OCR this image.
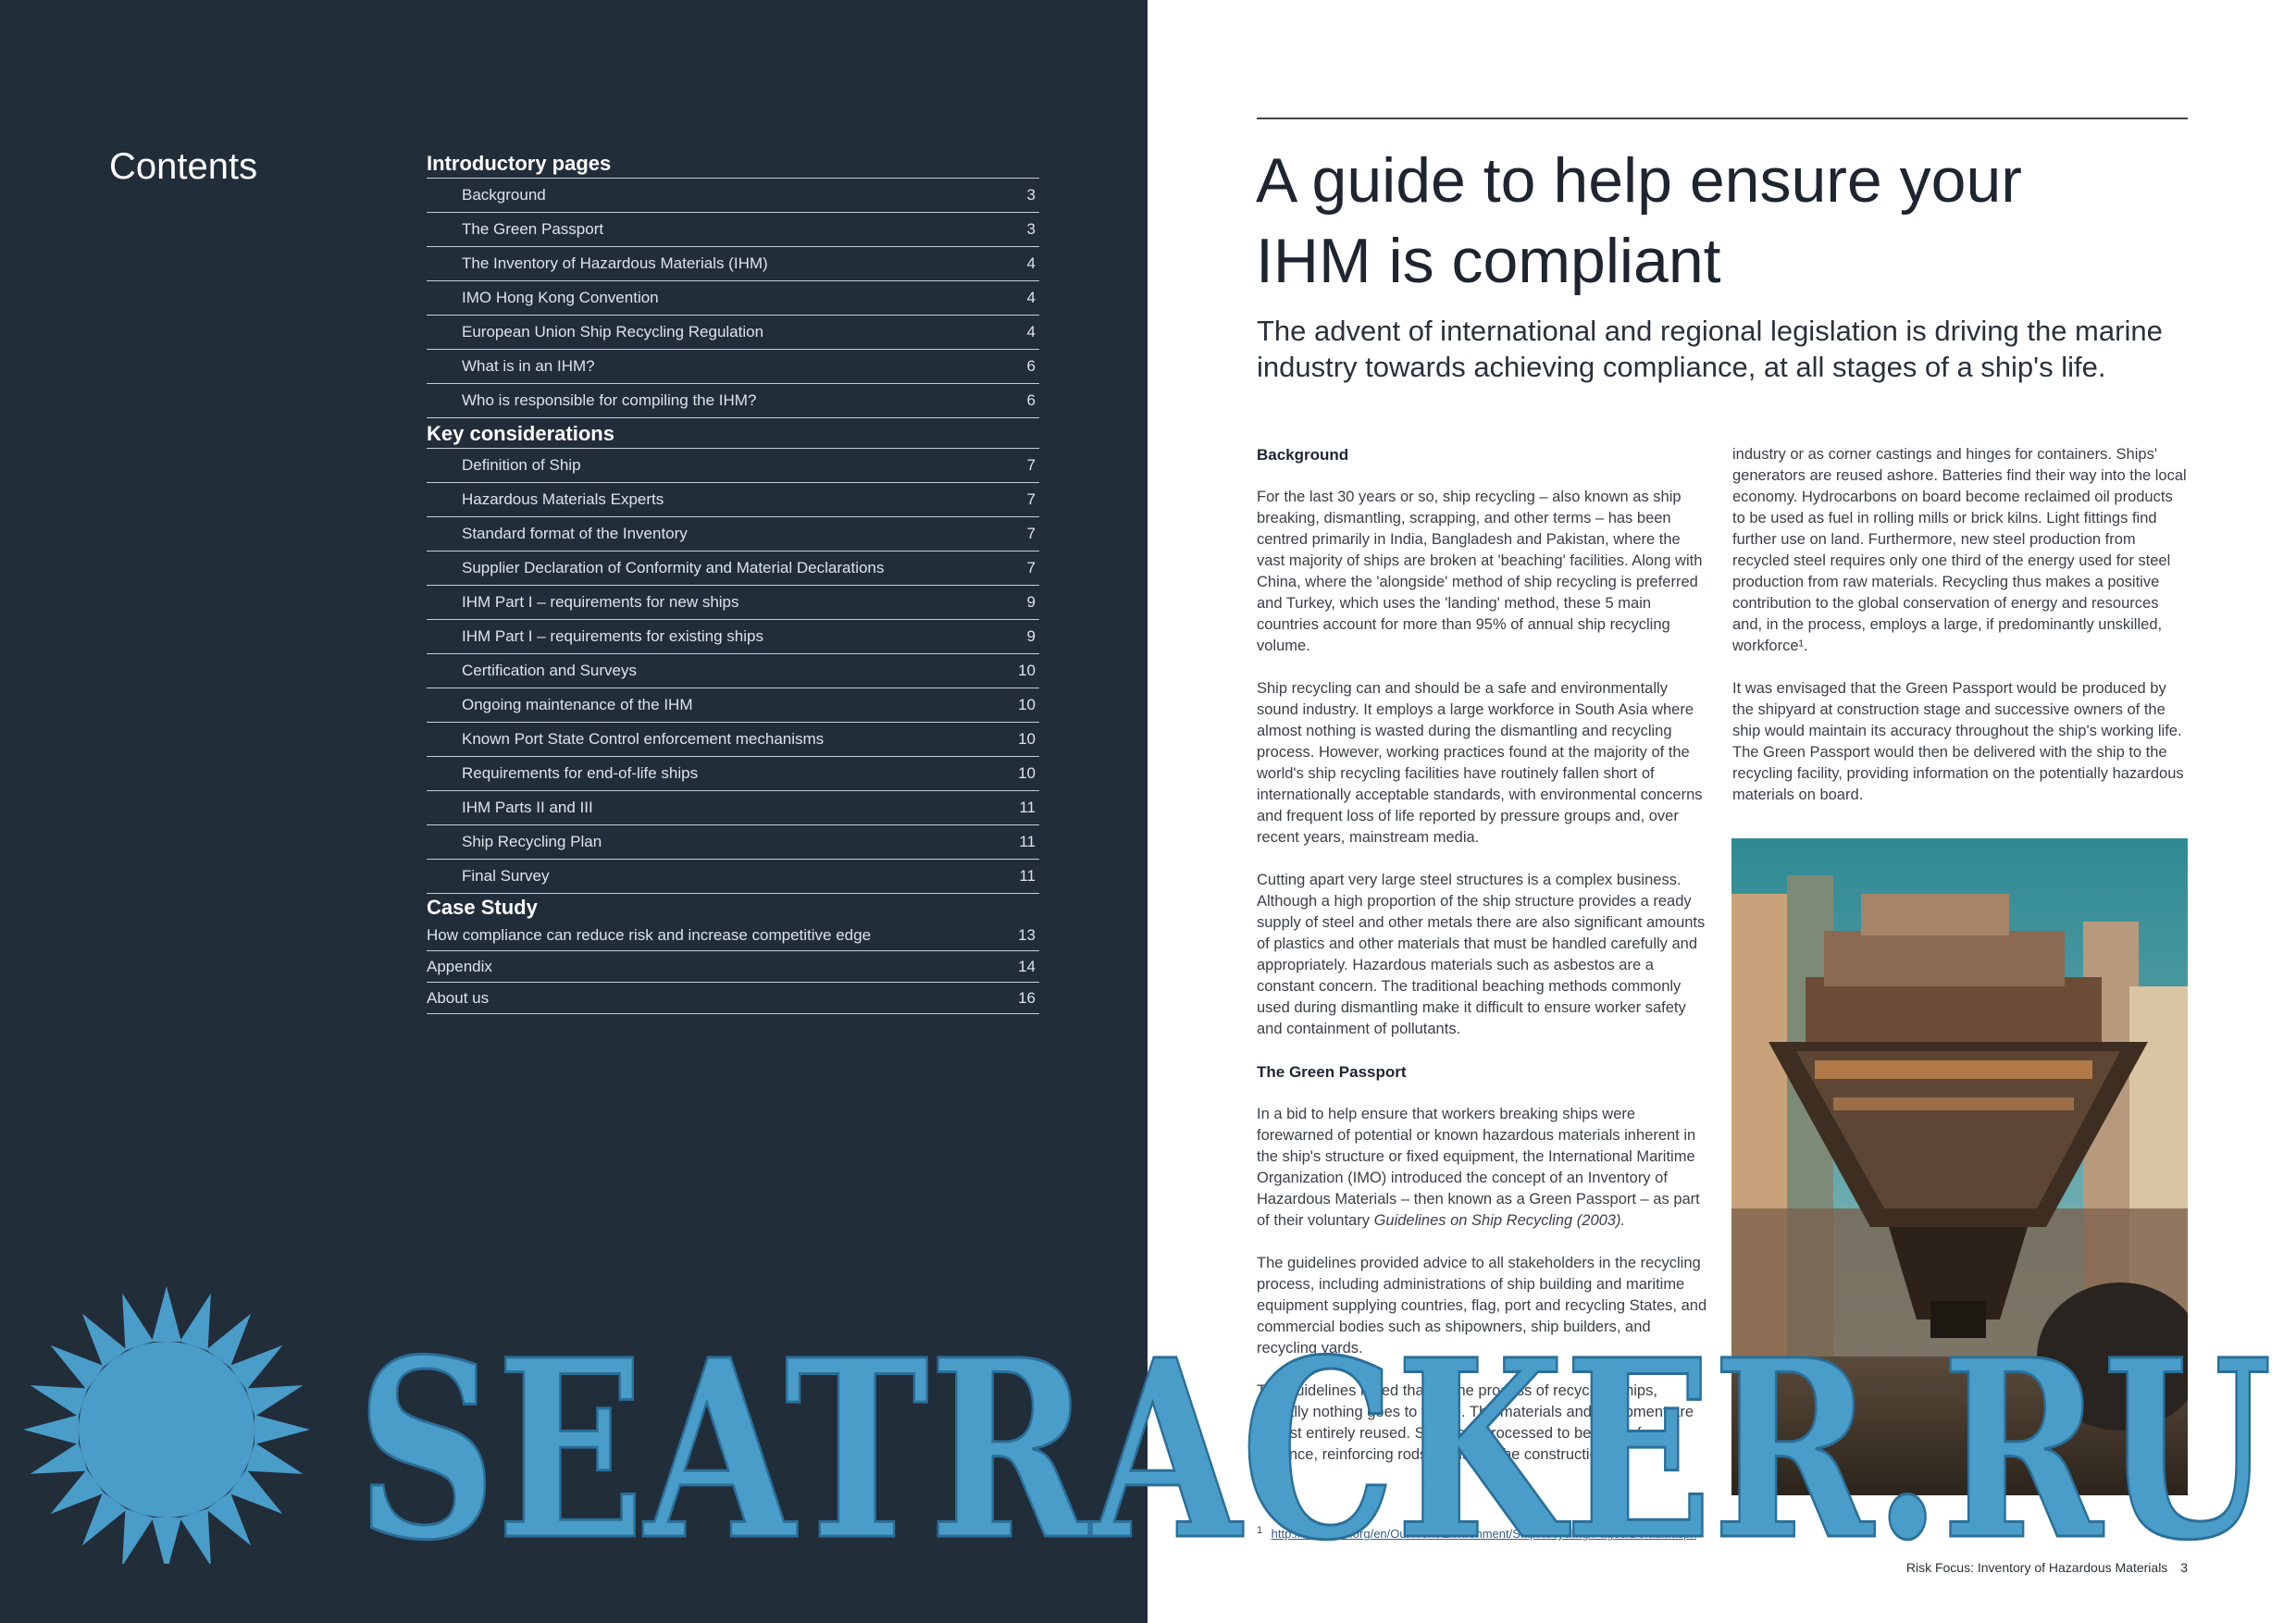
Contents	Introductory pages
Background	3
The Green Passport	3
The Inventory of Hazardous Materials (IHM)	4
IMO Hong Kong Convention	4
European Union Ship Recycling Regulation	4
What is in an IHM?	6
Who is responsible for compiling the IHM?	6
Key considerations
Definition of Ship	7
Hazardous Materials Experts	7
Standard format of the Inventory	7
Supplier Declaration of Conformity and Material Declarations	7
IHM Part I – requirements for new ships	9
IHM Part I – requirements for existing ships	9
Certification and Surveys	10
Ongoing maintenance of the IHM	10
Known Port State Control enforcement mechanisms	10
Requirements for end-of-life ships	10
IHM Parts II and III	11
Ship Recycling Plan	11
Final Survey	11
Case Study
How compliance can reduce risk and increase competitive edge	13
Appendix	14
About us	16
A guide to help ensure your
IHM is compliant
The advent of international and regional legislation is driving the marine industry towards achieving compliance, at all stages of a ship's life.
Background

For the last 30 years or so, ship recycling – also known as ship breaking, dismantling, scrapping, and other terms – has been centred primarily in India, Bangladesh and Pakistan, where the vast majority of ships are broken at 'beaching' facilities. Along with China, where the 'alongside' method of ship recycling is preferred and Turkey, which uses the 'landing' method, these 5 main countries account for more than 95% of annual ship recycling volume.

Ship recycling can and should be a safe and environmentally sound industry. It employs a large workforce in South Asia where almost nothing is wasted during the dismantling and recycling process. However, working practices found at the majority of the world's ship recycling facilities have routinely fallen short of internationally acceptable standards, with environmental concerns and frequent loss of life reported by pressure groups and, over recent years, mainstream media.

Cutting apart very large steel structures is a complex business. Although a high proportion of the ship structure provides a ready supply of steel and other metals there are also significant amounts of plastics and other materials that must be handled carefully and appropriately. Hazardous materials such as asbestos are a constant concern. The traditional beaching methods commonly used during dismantling make it difficult to ensure worker safety and containment of pollutants.

The Green Passport

In a bid to help ensure that workers breaking ships were forewarned of potential or known hazardous materials inherent in the ship's structure or fixed equipment, the International Maritime Organization (IMO) introduced the concept of an Inventory of Hazardous Materials – then known as a Green Passport – as part of their voluntary Guidelines on Ship Recycling (2003).

The guidelines provided advice to all stakeholders in the recycling process, including administrations of ship building and maritime equipment supplying countries, flag, port and recycling States, and commercial bodies such as shipowners, ship builders, and recycling yards.

The guidelines noted that, in the process of recycling ships, virtually nothing goes to waste. The materials and equipment are almost entirely reused. Steel is reprocessed to become, for instance, reinforcing rods for use in the construction

industry or as corner castings and hinges for containers. Ships' generators are reused ashore. Batteries find their way into the local economy. Hydrocarbons on board become reclaimed oil products to be used as fuel in rolling mills or brick kilns. Light fittings find further use on land. Furthermore, new steel production from recycled steel requires only one third of the energy used for steel production from raw materials. Recycling thus makes a positive contribution to the global conservation of energy and resources and, in the process, employs a large, if predominantly unskilled, workforce¹.

It was envisaged that the Green Passport would be produced by the shipyard at construction stage and successive owners of the ship would maintain its accuracy throughout the ship's working life. The Green Passport would then be delivered with the ship to the recycling facility, providing information on the potentially hazardous materials on board.

$^1$ http://www.imo.org/en/OurWork/Environment/ShipRecycling/Pages/Default.aspx
Risk Focus: Inventory of Hazardous Materials 3
SEATRACKER.RU
